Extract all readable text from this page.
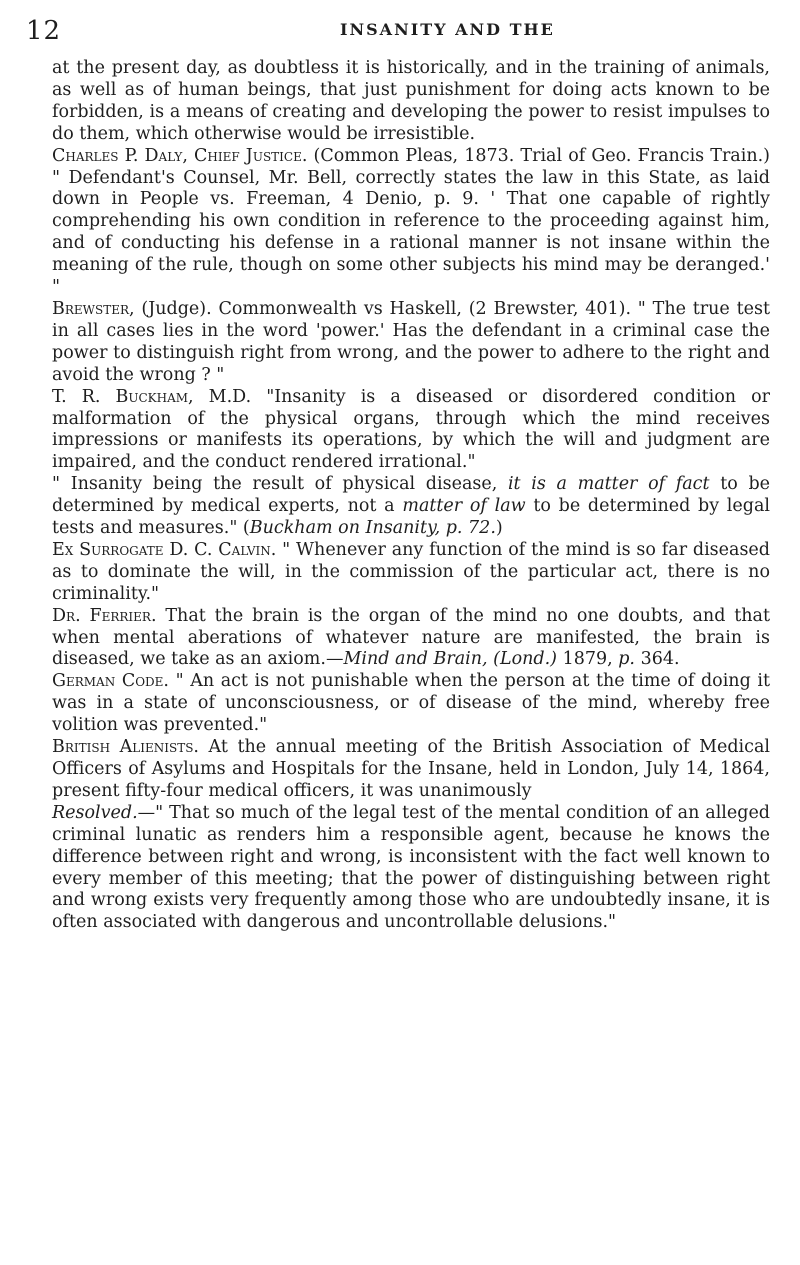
12	INSANITY AND THE

at the present day, as doubtless it is historically, and in the training of animals, as well as of human beings, that just punishment for doing acts known to be forbidden, is a means of creating and developing the power to resist impulses to do them, which otherwise would be irresistible.

Charles P. Daly, Chief Justice. (Common Pleas, 1873. Trial of Geo. Francis Train.) " Defendant's Counsel, Mr. Bell, correctly states the law in this State, as laid down in People vs. Freeman, 4 Denio, p. 9. ' That one capable of rightly comprehending his own condition in reference to the proceeding against him, and of conducting his defense in a rational manner is not insane within the meaning of the rule, though on some other subjects his mind may be deranged.' "

Brewster, (Judge). Commonwealth vs Haskell, (2 Brewster, 401). " The true test in all cases lies in the word 'power.' Has the defendant in a criminal case the power to distinguish right from wrong, and the power to adhere to the right and avoid the wrong ? "

T. R. Buckham, M.D. "Insanity is a diseased or disordered condition or malformation of the physical organs, through which the mind receives impressions or manifests its operations, by which the will and judgment are impaired, and the conduct rendered irrational."

" Insanity being the result of physical disease, it is a matter of fact to be determined by medical experts, not a matter of law to be determined by legal tests and measures." (Buckham on Insanity, p. 72.)

Ex Surrogate D. C. Calvin. " Whenever any function of the mind is so far diseased as to dominate the will, in the commission of the particular act, there is no criminality."

Dr. Ferrier. That the brain is the organ of the mind no one doubts, and that when mental aberations of whatever nature are manifested, the brain is diseased, we take as an axiom.—Mind and Brain, (Lond.) 1879, p. 364.

German Code. " An act is not punishable when the person at the time of doing it was in a state of unconsciousness, or of disease of the mind, whereby free volition was prevented."

British Alienists. At the annual meeting of the British Association of Medical Officers of Asylums and Hospitals for the Insane, held in London, July 14, 1864, present fifty-four medical officers, it was unanimously

Resolved.—" That so much of the legal test of the mental condition of an alleged criminal lunatic as renders him a responsible agent, because he knows the difference between right and wrong, is inconsistent with the fact well known to every member of this meeting; that the power of distinguishing between right and wrong exists very frequently among those who are undoubtedly insane, it is often associated with dangerous and uncontrollable delusions."
